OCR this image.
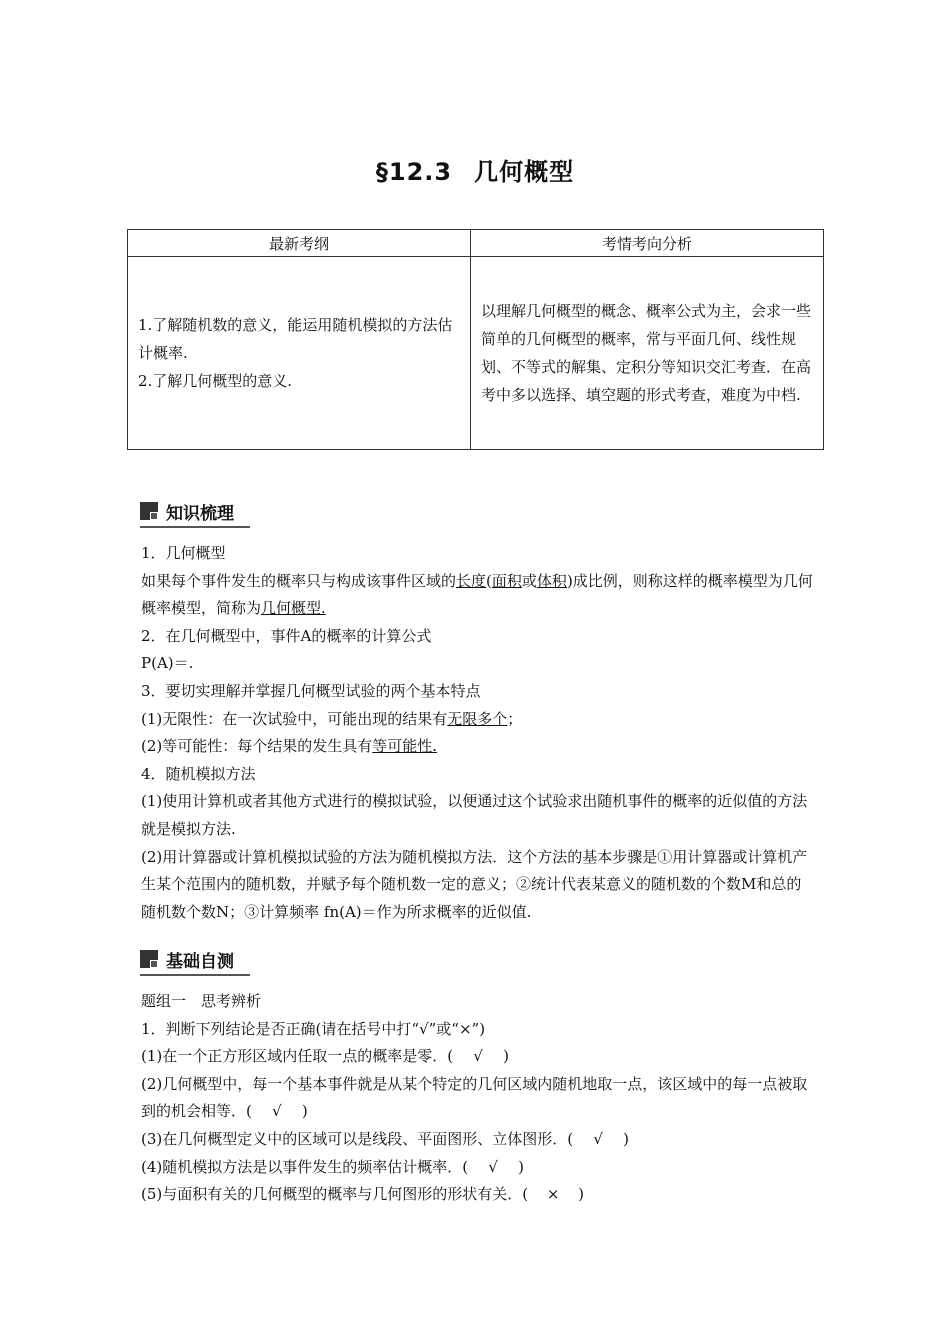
§12.3 几何概型
最新考纲	考情考向分析

1.了解随机数的意义，能运用随机模拟的方法估计概率.
2.了解几何概型的意义.	以理解几何概型的概念、概率公式为主，会求一些简单的几何概型的概率，常与平面几何、线性规划、不等式的解集、定积分等知识交汇考查．在高考中多以选择、填空题的形式考查，难度为中档.
知识梳理

1．几何概型

如果每个事件发生的概率只与构成该事件区域的长度(面积或体积)成比例，则称这样的概率模型为几何概率模型，简称为几何概型.

2．在几何概型中，事件A的概率的计算公式

P(A)＝.

3．要切实理解并掌握几何概型试验的两个基本特点

(1)无限性：在一次试验中，可能出现的结果有无限多个；

(2)等可能性：每个结果的发生具有等可能性.

4．随机模拟方法

(1)使用计算机或者其他方式进行的模拟试验，以便通过这个试验求出随机事件的概率的近似值的方法就是模拟方法.

(2)用计算器或计算机模拟试验的方法为随机模拟方法．这个方法的基本步骤是①用计算器或计算机产生某个范围内的随机数，并赋予每个随机数一定的意义；②统计代表某意义的随机数的个数M和总的随机数个数N；③计算频率 fn(A)＝作为所求概率的近似值.

基础自测

题组一　思考辨析

1．判断下列结论是否正确(请在括号中打“√”或“×”)

(1)在一个正方形区域内任取一点的概率是零．( √ )

(2)几何概型中，每一个基本事件就是从某个特定的几何区域内随机地取一点，该区域中的每一点被取到的机会相等．( √ )

(3)在几何概型定义中的区域可以是线段、平面图形、立体图形．( √ )

(4)随机模拟方法是以事件发生的频率估计概率．( √ )

(5)与面积有关的几何概型的概率与几何图形的形状有关．( × )
